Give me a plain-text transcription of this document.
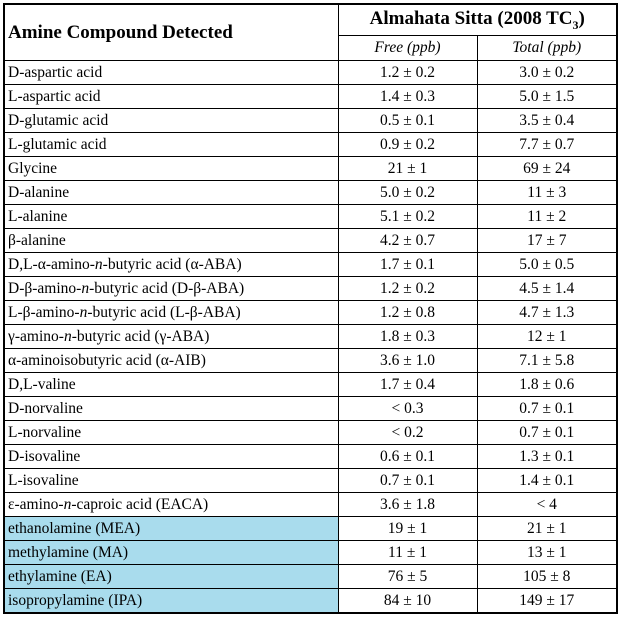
Amine Compound Detected	Almahata Sitta (2008 $TC_3$)	
	Free (ppb)	Total (ppb)
D-aspartic acid	1.2 ± 0.2	3.0 ± 0.2
L-aspartic acid	1.4 ± 0.3	5.0 ± 1.5
D-glutamic acid	0.5 ± 0.1	3.5 ± 0.4
L-glutamic acid	0.9 ± 0.2	7.7 ± 0.7
Glycine	21 ± 1	69 ± 24
D-alanine	5.0 ± 0.2	11 ± 3
L-alanine	5.1 ± 0.2	11 ± 2
β-alanine	4.2 ± 0.7	17 ± 7
D,L-α-amino-n-butyric acid (α-ABA)	1.7 ± 0.1	5.0 ± 0.5
D-β-amino-n-butyric acid (D-β-ABA)	1.2 ± 0.2	4.5 ± 1.4
L-β-amino-n-butyric acid (L-β-ABA)	1.2 ± 0.8	4.7 ± 1.3
γ-amino-n-butyric acid (γ-ABA)	1.8 ± 0.3	12 ± 1
α-aminoisobutyric acid (α-AIB)	3.6 ± 1.0	7.1 ± 5.8
D,L-valine	1.7 ± 0.4	1.8 ± 0.6
D-norvaline	< 0.3	0.7 ± 0.1
L-norvaline	< 0.2	0.7 ± 0.1
D-isovaline	0.6 ± 0.1	1.3 ± 0.1
L-isovaline	0.7 ± 0.1	1.4 ± 0.1
ε-amino-n-caproic acid (EACA)	3.6 ± 1.8	< 4
ethanolamine (MEA)	19 ± 1	21 ± 1
methylamine (MA)	11 ± 1	13 ± 1
ethylamine (EA)	76 ± 5	105 ± 8
isopropylamine (IPA)	84 ± 10	149 ± 17
